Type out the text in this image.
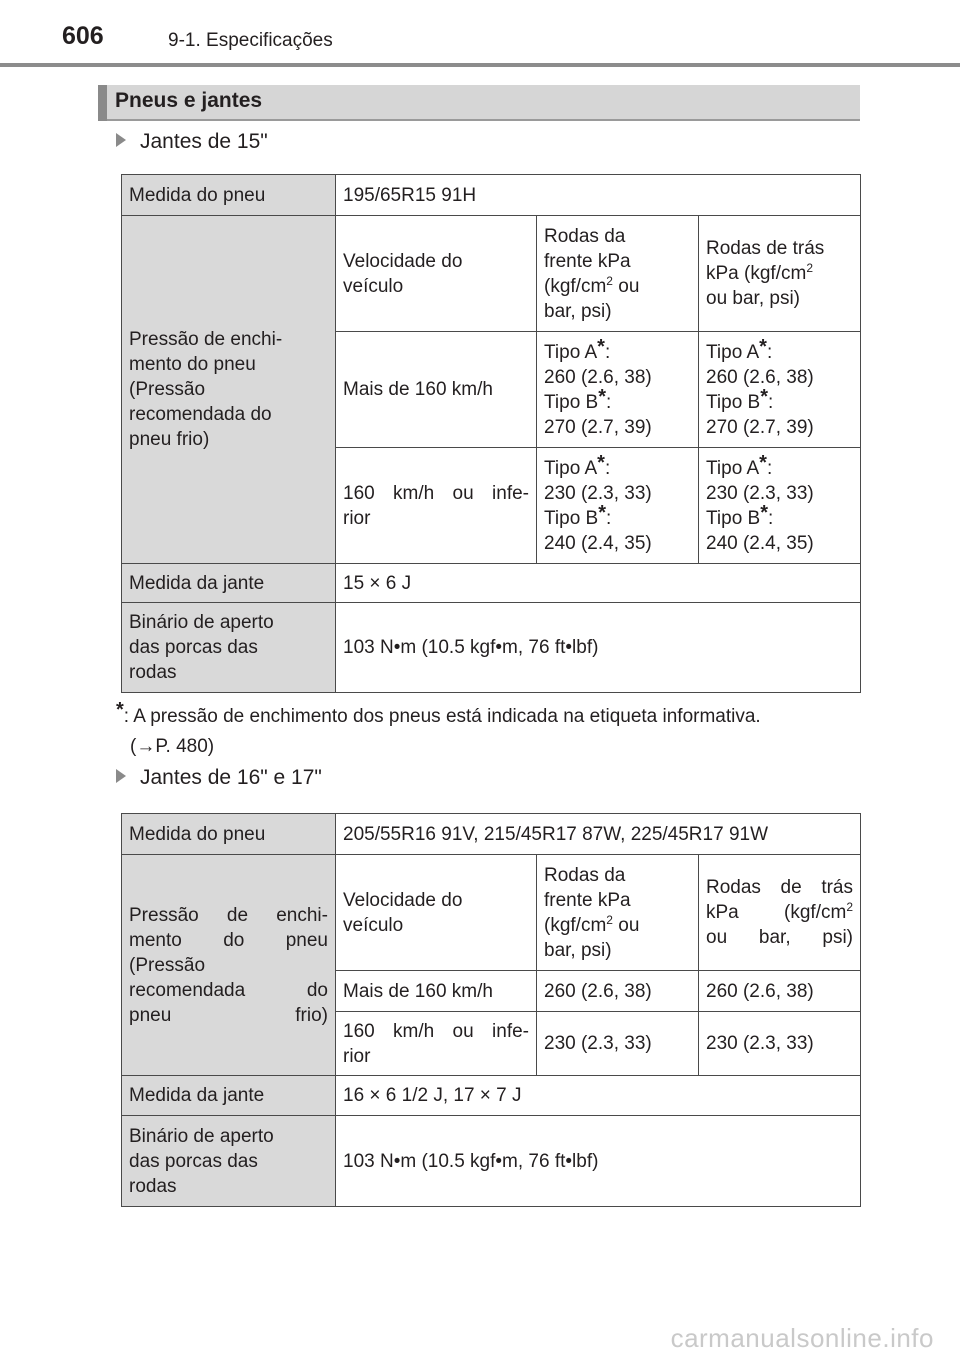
606	9-1. Especificações
Pneus e jantes
Jantes de 15"
Medida do pneu	195/65R15 91H		
Pressão de enchi-
mento do pneu
(Pressão
recomendada do
pneu frio)	Velocidade do
veículo	Rodas da
frente kPa
($kgf/cm^2$ ou
bar, psi)	Rodas de trás
kPa ($kgf/cm^2$
ou bar, psi)
	Mais de 160 km/h	Tipo A*:
260 (2.6, 38)
Tipo B*:
270 (2.7, 39)	Tipo A*:
260 (2.6, 38)
Tipo B*:
270 (2.7, 39)
	160 km/h ou infe-
rior	Tipo A*:
230 (2.3, 33)
Tipo B*:
240 (2.4, 35)	Tipo A*:
230 (2.3, 33)
Tipo B*:
240 (2.4, 35)
Medida da jante	15 × 6 J		
Binário de aperto
das porcas das
rodas	103 N•m (10.5 kgf•m, 76 ft•lbf)		
*: A pressão de enchimento dos pneus está indicada na etiqueta informativa.
(→P. 480)
Jantes de 16" e 17"
Medida do pneu	205/55R16 91V, 215/45R17 87W, 225/45R17 91W		
Pressão de enchi-
mento do pneu
(Pressão
recomendada do
pneu frio)	Velocidade do
veículo	Rodas da
frente kPa
($kgf/cm^2$ ou
bar, psi)	Rodas de trás
kPa ($kgf/cm^2$
ou bar, psi)
	Mais de 160 km/h	260 (2.6, 38)	260 (2.6, 38)
	160 km/h ou infe-
rior	230 (2.3, 33)	230 (2.3, 33)
Medida da jante	16 × 6 1/2 J, 17 × 7 J		
Binário de aperto
das porcas das
rodas	103 N•m (10.5 kgf•m, 76 ft•lbf)		
carmanualsonline.info
